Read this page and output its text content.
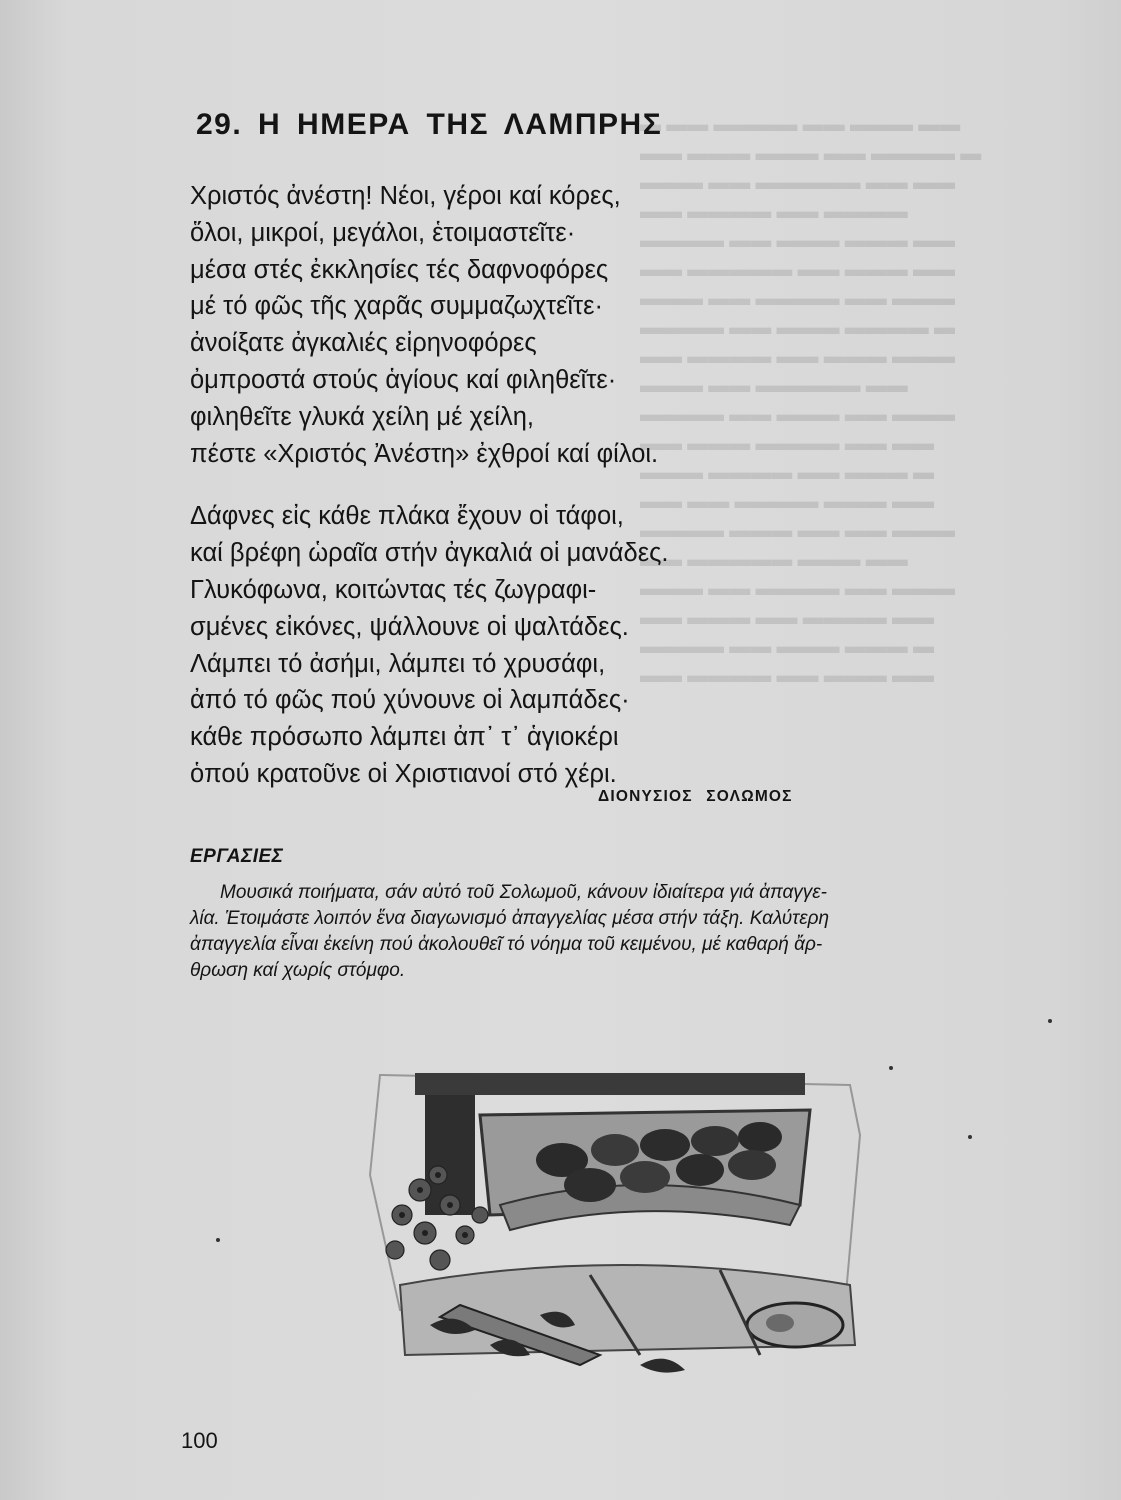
▬ ▬▬ ▬▬▬▬ ▬▬ ▬▬▬ ▬▬
▬▬ ▬▬▬ ▬▬▬ ▬▬ ▬▬▬▬ ▬
▬▬▬ ▬▬ ▬▬▬▬▬ ▬▬ ▬▬
▬▬ ▬▬▬▬ ▬▬ ▬▬▬▬
▬▬▬▬ ▬▬ ▬▬▬ ▬▬▬ ▬▬
▬▬ ▬▬▬▬▬ ▬▬ ▬▬▬ ▬▬
▬▬▬ ▬▬ ▬▬▬▬ ▬▬ ▬▬▬
▬▬▬▬ ▬▬ ▬▬▬ ▬▬▬▬ ▬
▬▬ ▬▬▬▬ ▬▬ ▬▬▬ ▬▬▬
▬▬▬ ▬▬ ▬▬▬▬▬ ▬▬
▬▬▬▬ ▬▬ ▬▬▬ ▬▬ ▬▬▬
▬▬ ▬▬▬ ▬▬▬▬ ▬▬ ▬▬
▬▬▬ ▬▬▬▬ ▬▬ ▬▬▬ ▬
▬▬ ▬▬ ▬▬▬▬ ▬▬▬ ▬▬
▬▬▬▬ ▬▬▬ ▬▬ ▬▬ ▬▬▬
▬▬ ▬▬▬▬▬ ▬▬▬ ▬▬
▬▬▬ ▬▬ ▬▬▬▬ ▬▬ ▬▬▬
▬▬ ▬▬▬ ▬▬ ▬▬▬▬ ▬▬
▬▬▬▬ ▬▬ ▬▬▬ ▬▬▬ ▬
▬▬ ▬▬▬▬ ▬▬ ▬▬▬ ▬▬
29. Η ΗΜΕΡΑ ΤΗΣ ΛΑΜΠΡΗΣ
Χριστός ἀνέστη! Νέοι, γέροι καί κόρες,
ὅλοι, μικροί, μεγάλοι, ἑτοιμαστεῖτε·
μέσα στές ἐκκλησίες τές δαφνοφόρες
μέ τό φῶς τῆς χαρᾶς συμμαζωχτεῖτε·
ἀνοίξατε ἀγκαλιές εἰρηνοφόρες
ὀμπροστά στούς ἁγίους καί φιληθεῖτε·
φιληθεῖτε γλυκά χείλη μέ χείλη,
πέστε «Χριστός Ἀνέστη» ἐχθροί καί φίλοι.
Δάφνες εἰς κάθε πλάκα ἔχουν οἱ τάφοι,
καί βρέφη ὡραῖα στήν ἀγκαλιά οἱ μανάδες.
Γλυκόφωνα, κοιτώντας τές ζωγραφι-
σμένες εἰκόνες, ψάλλουνε οἱ ψαλτάδες.
Λάμπει τό ἀσήμι, λάμπει τό χρυσάφι,
ἀπό τό φῶς πού χύνουνε οἱ λαμπάδες·
κάθε πρόσωπο λάμπει ἀπ᾿ τ᾿ ἁγιοκέρι
ὁπού κρατοῦνε οἱ Χριστιανοί στό χέρι.
ΔΙΟΝΥΣΙΟΣ ΣΟΛΩΜΟΣ
ΕΡΓΑΣΙΕΣ
Μουσικά ποιήματα, σάν αὐτό τοῦ Σολωμοῦ, κάνουν ἰδιαίτερα γιά ἀπαγγε-
λία. Ἑτοιμάστε λοιπόν ἕνα διαγωνισμό ἀπαγγελίας μέσα στήν τάξη. Καλύτερη
ἀπαγγελία εἶναι ἐκείνη πού ἀκολουθεῖ τό νόημα τοῦ κειμένου, μέ καθαρή ἄρ-
θρωση καί χωρίς στόμφο.
100
